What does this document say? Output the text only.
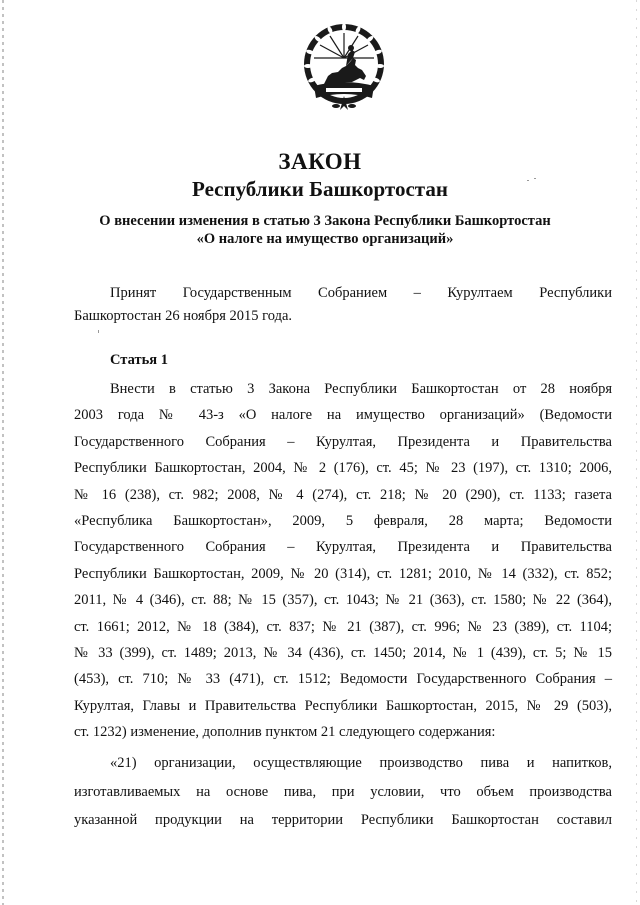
ЗАКОН
Республики Башкортостан
О внесении изменения в статью 3 Закона Республики Башкортостан
«О налоге на имущество организаций»
Принят Государственным Собранием – Курултаем Республики
Башкортостан 26 ноября 2015 года.
Статья 1
Внести в статью 3 Закона Республики Башкортостан от 28 ноября
2003 года № 43-з «О налоге на имущество организаций» (Ведомости
Государственного Собрания – Курултая, Президента и Правительства
Республики Башкортостан, 2004, № 2 (176), ст. 45; № 23 (197), ст. 1310; 2006,
№ 16 (238), ст. 982; 2008, № 4 (274), ст. 218; № 20 (290), ст. 1133; газета
«Республика Башкортостан», 2009, 5 февраля, 28 марта; Ведомости
Государственного Собрания – Курултая, Президента и Правительства
Республики Башкортостан, 2009, № 20 (314), ст. 1281; 2010, № 14 (332), ст. 852;
2011, № 4 (346), ст. 88; № 15 (357), ст. 1043; № 21 (363), ст. 1580; № 22 (364),
ст. 1661; 2012, № 18 (384), ст. 837; № 21 (387), ст. 996; № 23 (389), ст. 1104;
№ 33 (399), ст. 1489; 2013, № 34 (436), ст. 1450; 2014, № 1 (439), ст. 5; № 15
(453), ст. 710; № 33 (471), ст. 1512; Ведомости Государственного Собрания –
Курултая, Главы и Правительства Республики Башкортостан, 2015, № 29 (503),
ст. 1232) изменение, дополнив пунктом 21 следующего содержания:
«21) организации, осуществляющие производство пива и напитков,
изготавливаемых на основе пива, при условии, что объем производства
указанной продукции на территории Республики Башкортостан составил
